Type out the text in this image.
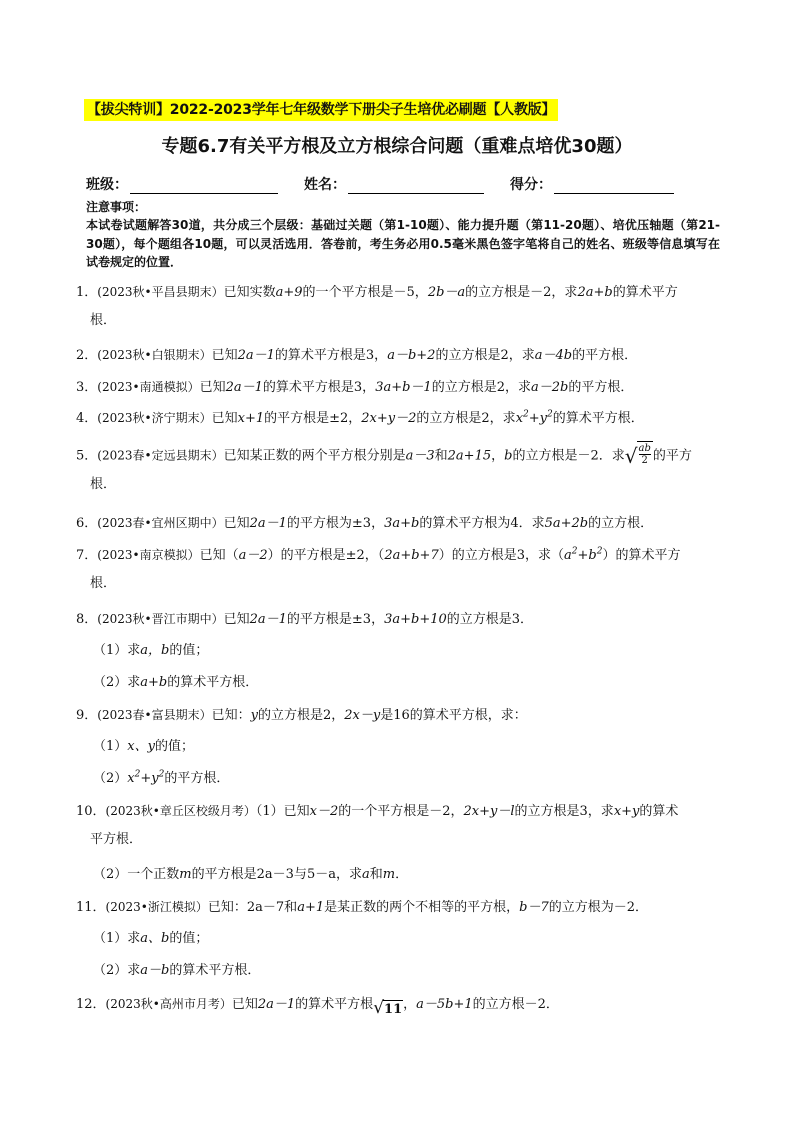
【拔尖特训】2022-2023学年七年级数学下册尖子生培优必刷题【人教版】
专题6.7有关平方根及立方根综合问题（重难点培优30题）
班级：	姓名：	得分：
注意事项：
本试卷试题解答30道，共分成三个层级：基础过关题（第1-10题）、能力提升题（第11-20题）、培优压轴题（第21-30题），每个题组各10题，可以灵活选用．答卷前，考生务必用0.5毫米黑色签字笔将自己的姓名、班级等信息填写在试卷规定的位置．
1．(2023秋•平昌县期末）已知实数a+9的一个平方根是－5，2b－a的立方根是－2，求2a+b的算术平方
根．
2．(2023秋•白银期末）已知2a－1的算术平方根是3，a－b+2的立方根是2，求a－4b的平方根．
3．(2023•南通模拟）已知2a－1的算术平方根是3，3a+b－1的立方根是2，求a－2b的平方根．
4．(2023秋•济宁期末）已知x+1的平方根是±2，2x+y－2的立方根是2，求$x^2+y^2$的算术平方根．
5．(2023春•定远县期末）已知某正数的两个平方根分别是a－3和2a+15，b的立方根是－2．求 √ ab
2 的平方
根．
6．(2023春•宜州区期中）已知2a－1的平方根为±3，3a+b的算术平方根为4．求5a+2b的立方根．
7．(2023•南京模拟）已知（a－2）的平方根是±2，（2a+b+7）的立方根是3，求$(a^2+b^2)$的算术平方
根．
8．(2023秋•晋江市期中）已知2a－1的平方根是±3，3a+b+10的立方根是3．
（1）求a，b的值；
（2）求a+b的算术平方根．
9．(2023春•富县期末）已知：y的立方根是2，2x－y是16的算术平方根，求：
（1）x、y的值；
$(2)x^2+y^2$的平方根．
10．(2023秋•章丘区校级月考）（1）已知x－2的一个平方根是－2，2x+y－l的立方根是3，求x+y的算术
平方根．
（2）一个正数m的平方根是2a－3与5－a，求a和m．
11．(2023•浙江模拟）已知：2a－7和a+1是某正数的两个不相等的平方根，b－7的立方根为－2．
（1）求a、b的值；
（2）求a－b的算术平方根．
12．(2023秋•高州市月考）已知2a－1的算术平方根 √ 11 ，a－5b+1的立方根－2．
